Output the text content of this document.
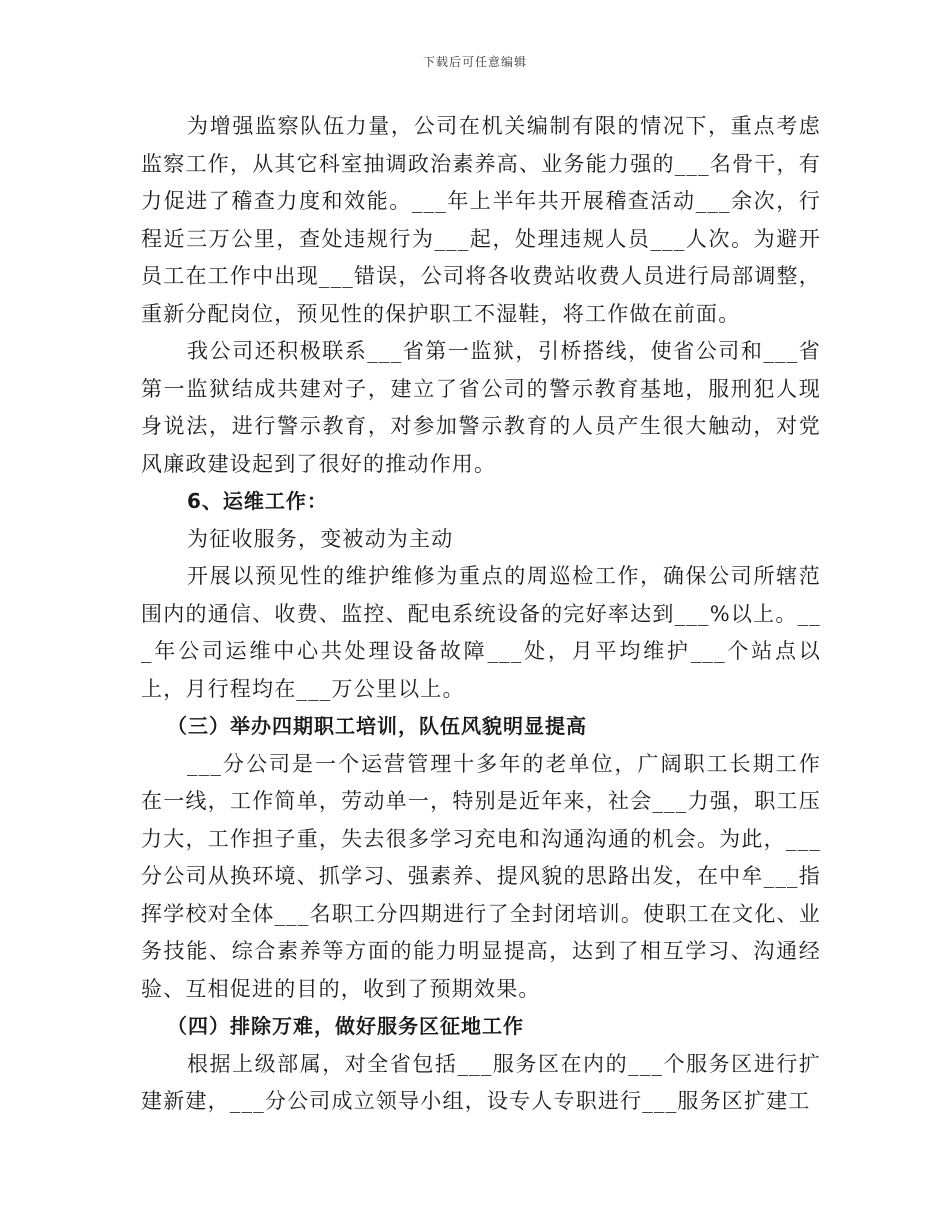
下载后可任意编辑

为增强监察队伍力量，公司在机关编制有限的情况下，重点考虑监察工作，从其它科室抽调政治素养高、业务能力强的___名骨干，有力促进了稽查力度和效能。___年上半年共开展稽查活动___余次，行程近三万公里，查处违规行为___起，处理违规人员___人次。为避开员工在工作中出现___错误，公司将各收费站收费人员进行局部调整，重新分配岗位，预见性的保护职工不湿鞋，将工作做在前面。

我公司还积极联系___省第一监狱，引桥搭线，使省公司和___省第一监狱结成共建对子，建立了省公司的警示教育基地，服刑犯人现身说法，进行警示教育，对参加警示教育的人员产生很大触动，对党风廉政建设起到了很好的推动作用。

6、运维工作：

为征收服务，变被动为主动

开展以预见性的维护维修为重点的周巡检工作，确保公司所辖范围内的通信、收费、监控、配电系统设备的完好率达到___%以上。___年公司运维中心共处理设备故障___处，月平均维护___个站点以上，月行程均在___万公里以上。

（三）举办四期职工培训，队伍风貌明显提高

___分公司是一个运营管理十多年的老单位，广阔职工长期工作在一线，工作简单，劳动单一，特别是近年来，社会___力强，职工压力大，工作担子重，失去很多学习充电和沟通沟通的机会。为此，___分公司从换环境、抓学习、强素养、提风貌的思路出发，在中牟___指挥学校对全体___名职工分四期进行了全封闭培训。使职工在文化、业务技能、综合素养等方面的能力明显提高，达到了相互学习、沟通经验、互相促进的目的，收到了预期效果。

（四）排除万难，做好服务区征地工作

根据上级部属，对全省包括___服务区在内的___个服务区进行扩建新建，___分公司成立领导小组，设专人专职进行___服务区扩建工
